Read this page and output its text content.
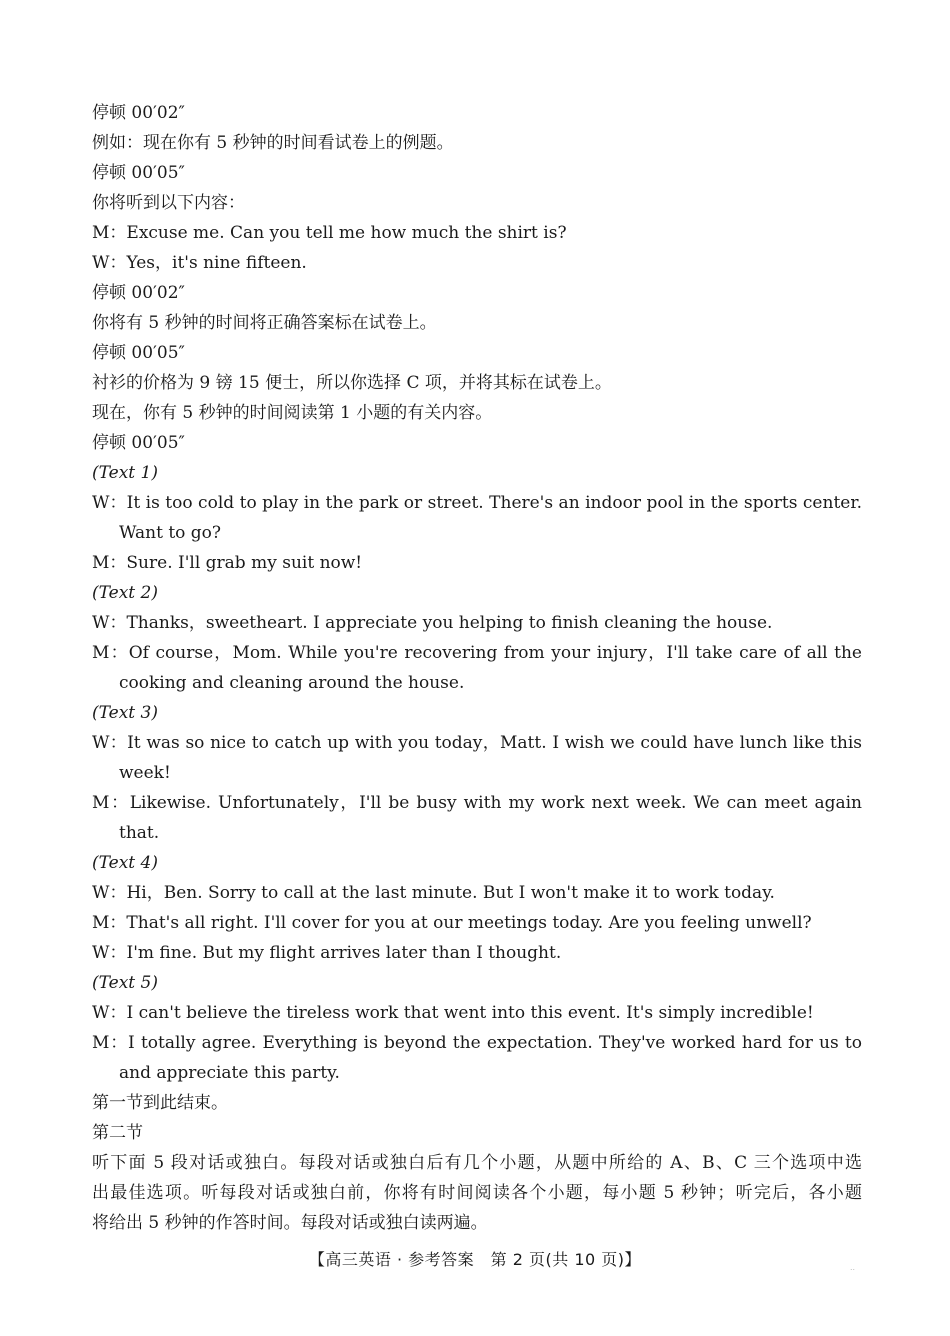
停顿 00′02″
例如：现在你有 5 秒钟的时间看试卷上的例题。
停顿 00′05″
你将听到以下内容：
M：Excuse me. Can you tell me how much the shirt is?
W：Yes，it's nine fifteen.
停顿 00′02″
你将有 5 秒钟的时间将正确答案标在试卷上。
停顿 00′05″
衬衫的价格为 9 镑 15 便士，所以你选择 C 项，并将其标在试卷上。
现在，你有 5 秒钟的时间阅读第 1 小题的有关内容。
停顿 00′05″
(Text 1)
W：It is too cold to play in the park or street. There's an indoor pool in the sports center.
Want to go?
M：Sure. I'll grab my suit now!
(Text 2)
W：Thanks，sweetheart. I appreciate you helping to finish cleaning the house.
M：Of course，Mom. While you're recovering from your injury，I'll take care of all the
cooking and cleaning around the house.
(Text 3)
W：It was so nice to catch up with you today，Matt. I wish we could have lunch like this
week!
M：Likewise. Unfortunately，I'll be busy with my work next week. We can meet again
that.
(Text 4)
W：Hi，Ben. Sorry to call at the last minute. But I won't make it to work today.
M：That's all right. I'll cover for you at our meetings today. Are you feeling unwell?
W：I'm fine. But my flight arrives later than I thought.
(Text 5)
W：I can't believe the tireless work that went into this event. It's simply incredible!
M：I totally agree. Everything is beyond the expectation. They've worked hard for us to
and appreciate this party.
第一节到此结束。
第二节
听下面 5 段对话或独白。每段对话或独白后有几个小题，从题中所给的 A、B、C 三个选项中选
出最佳选项。听每段对话或独白前，你将有时间阅读各个小题，每小题 5 秒钟；听完后，各小题
将给出 5 秒钟的作答时间。每段对话或独白读两遍。
【高三英语 · 参考答案　第 2 页(共 10 页)】	..
